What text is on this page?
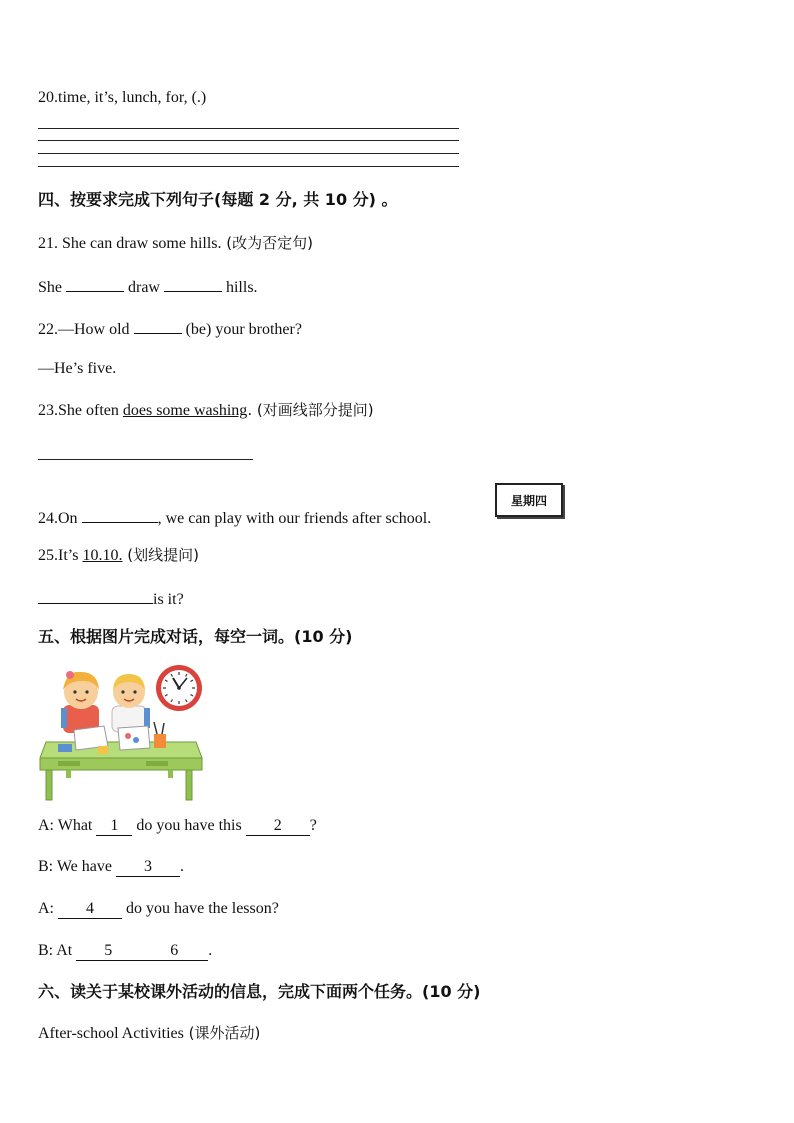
20.time, it’s, lunch, for, (.)
四、按要求完成下列句子(每题 2 分, 共 10 分) 。
21. She can draw some hills. (改为否定句)
She	draw	hills.
22.—How old	(be) your brother?
—He’s five.
23.She often does some washing. (对画线部分提问)
24.On	, we can play with our friends after school.
星期四
25.It’s 10.10. (划线提问)
is it?
五、根据图片完成对话，每空一词。(10 分)
A: What 1 do you have this 2 ?
B: We have 3 .
A: 4 do you have the lesson?
B: At 5	6 .
六、读关于某校课外活动的信息，完成下面两个任务。(10 分)
After-school Activities (课外活动)
